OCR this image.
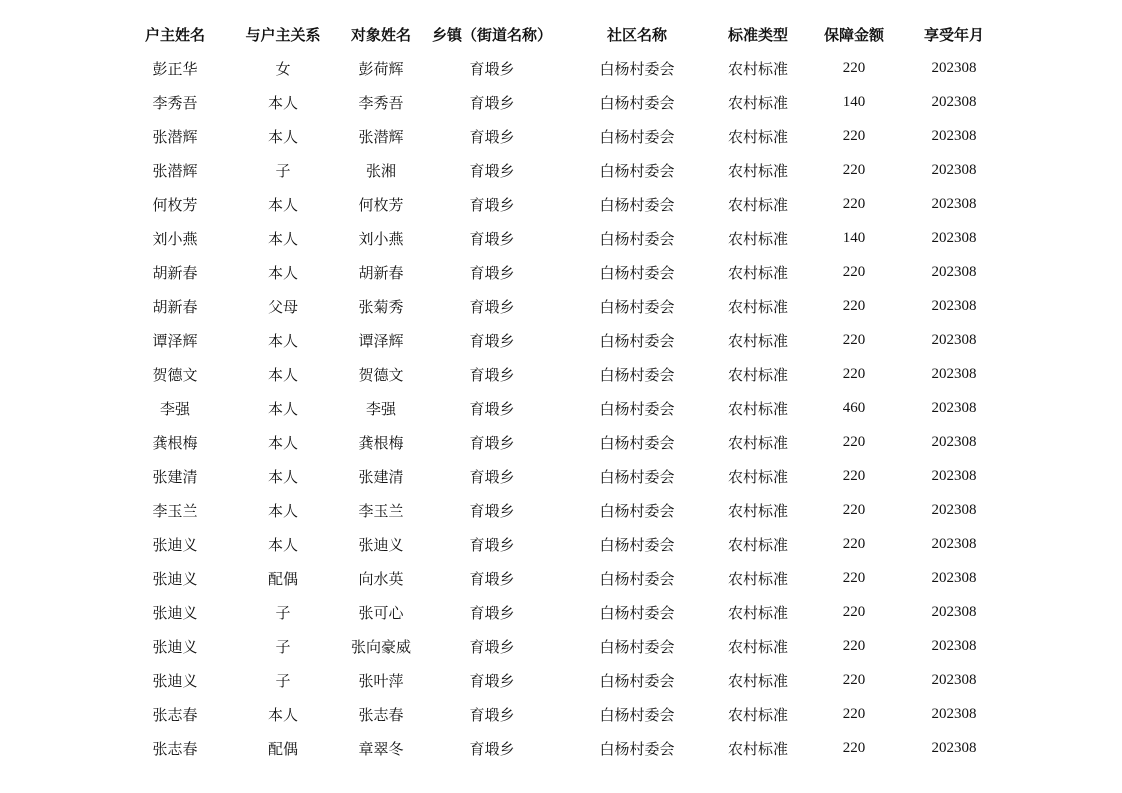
户主姓名	与户主关系	对象姓名	乡镇（街道名称）	社区名称	标准类型	保障金额	享受年月
彭正华	女	彭荷辉	育塅乡	白杨村委会	农村标准	220	202308
李秀吾	本人	李秀吾	育塅乡	白杨村委会	农村标准	140	202308
张潜辉	本人	张潜辉	育塅乡	白杨村委会	农村标准	220	202308
张潜辉	子	张湘	育塅乡	白杨村委会	农村标准	220	202308
何枚芳	本人	何枚芳	育塅乡	白杨村委会	农村标准	220	202308
刘小燕	本人	刘小燕	育塅乡	白杨村委会	农村标准	140	202308
胡新春	本人	胡新春	育塅乡	白杨村委会	农村标准	220	202308
胡新春	父母	张菊秀	育塅乡	白杨村委会	农村标准	220	202308
谭泽辉	本人	谭泽辉	育塅乡	白杨村委会	农村标准	220	202308
贺德文	本人	贺德文	育塅乡	白杨村委会	农村标准	220	202308
李强	本人	李强	育塅乡	白杨村委会	农村标准	460	202308
龚根梅	本人	龚根梅	育塅乡	白杨村委会	农村标准	220	202308
张建清	本人	张建清	育塅乡	白杨村委会	农村标准	220	202308
李玉兰	本人	李玉兰	育塅乡	白杨村委会	农村标准	220	202308
张迪义	本人	张迪义	育塅乡	白杨村委会	农村标准	220	202308
张迪义	配偶	向水英	育塅乡	白杨村委会	农村标准	220	202308
张迪义	子	张可心	育塅乡	白杨村委会	农村标准	220	202308
张迪义	子	张向豪威	育塅乡	白杨村委会	农村标准	220	202308
张迪义	子	张叶萍	育塅乡	白杨村委会	农村标准	220	202308
张志春	本人	张志春	育塅乡	白杨村委会	农村标准	220	202308
张志春	配偶	章翠冬	育塅乡	白杨村委会	农村标准	220	202308
